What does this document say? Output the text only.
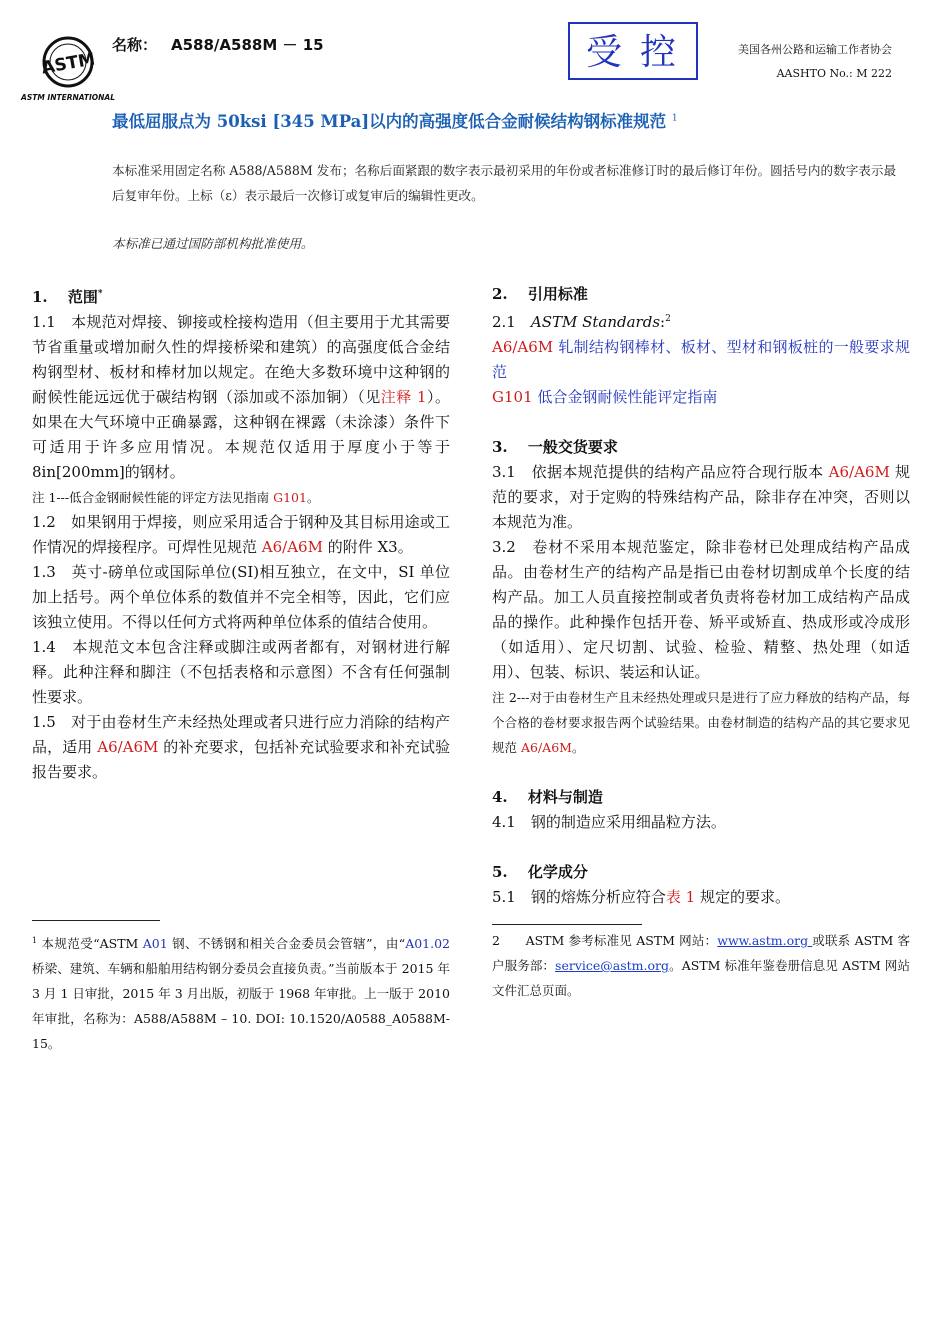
ASTM
ASTM INTERNATIONAL
名称： A588/A588M － 15	受控	美国各州公路和运输工作者协会
AASHTO No.: M 222
最低屈服点为 50ksi [345 MPa]以内的高强度低合金耐候结构钢标准规范 $^1$
本标准采用固定名称 A588/A588M 发布；名称后面紧跟的数字表示最初采用的年份或者标准修订时的最后修订年份。圆括号内的数字表示最后复审年份。上标（ε）表示最后一次修订或复审后的编辑性更改。
本标准已通过国防部机构批准使用。

1.　 范围*

1.1　本规范对焊接、铆接或栓接构造用（但主要用于尤其需要节省重量或增加耐久性的焊接桥梁和建筑）的高强度低合金结构钢型材、板材和棒材加以规定。在绝大多数环境中这种钢的耐候性能远远优于碳结构钢（添加或不添加铜）（见注释 1）。如果在大气环境中正确暴露，这种钢在裸露（未涂漆）条件下可适用于许多应用情况。本规范仅适用于厚度小于等于 8in[200mm]的钢材。

注 1---低合金钢耐候性能的评定方法见指南 G101。

1.2　如果钢用于焊接，则应采用适合于钢种及其目标用途或工作情况的焊接程序。可焊性见规范 A6/A6M 的附件 X3。

1.3　英寸-磅单位或国际单位(SI)相互独立，在文中，SI 单位加上括号。两个单位体系的数值并不完全相等，因此，它们应该独立使用。不得以任何方式将两种单位体系的值结合使用。

1.4　本规范文本包含注释或脚注或两者都有，对钢材进行解释。此种注释和脚注（不包括表格和示意图）不含有任何强制性要求。

1.5　对于由卷材生产未经热处理或者只进行应力消除的结构产品，适用 A6/A6M 的补充要求，包括补充试验要求和补充试验报告要求。

$^1$ 本规范受“ASTM A01 钢、不锈钢和相关合金委员会管辖”，由“A01.02 桥梁、建筑、车辆和船舶用结构钢分委员会直接负责。”当前版本于 2015 年 3 月 1 日审批，2015 年 3 月出版，初版于 1968 年审批。上一版于 2010 年审批，名称为：A588/A588M – 10. DOI: 10.1520/A0588_A0588M-15。

2.　 引用标准

2.1　ASTM Standards:$^2$

A6/A6M 轧制结构钢棒材、板材、型材和钢板桩的一般要求规范

G101 低合金钢耐候性能评定指南

3.　 一般交货要求

3.1　依据本规范提供的结构产品应符合现行版本 A6/A6M 规范的要求，对于定购的特殊结构产品，除非存在冲突，否则以本规范为准。

3.2　卷材不采用本规范鉴定，除非卷材已处理成结构产品成品。由卷材生产的结构产品是指已由卷材切割成单个长度的结构产品。加工人员直接控制或者负责将卷材加工成结构产品成品的操作。此种操作包括开卷、矫平或矫直、热成形或冷成形（如适用）、定尺切割、试验、检验、精整、热处理（如适用）、包装、标识、装运和认证。

注 2---对于由卷材生产且未经热处理或只是进行了应力释放的结构产品，每个合格的卷材要求报告两个试验结果。由卷材制造的结构产品的其它要求见规范 A6/A6M。

4.　 材料与制造

4.1　钢的制造应采用细晶粒方法。

5.　 化学成分

5.1　钢的熔炼分析应符合表 1 规定的要求。

2　　ASTM 参考标准见 ASTM 网站：www.astm.org 或联系 ASTM 客户服务部：service@astm.org。ASTM 标准年鉴卷册信息见 ASTM 网站文件汇总页面。
